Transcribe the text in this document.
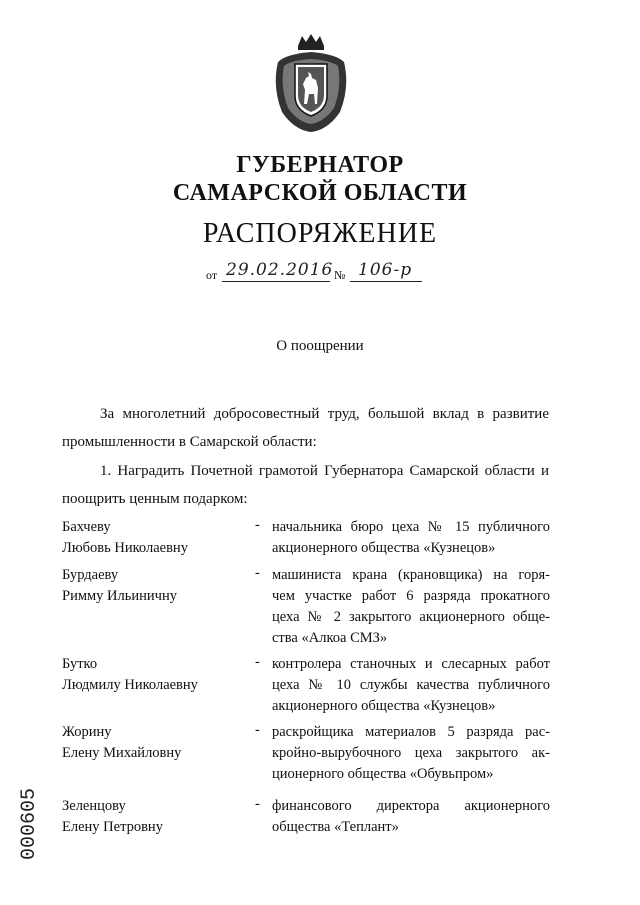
ГУБЕРНАТОР
САМАРСКОЙ ОБЛАСТИ
РАСПОРЯЖЕНИЕ
от 29.02.2016 № 106-р
О поощрении
За многолетний добросовестный труд, большой вклад в развитие
промышленности в Самарской области:
1. Наградить Почетной грамотой Губернатора Самарской области и
поощрить ценным подарком:
Бахчеву
Любовь Николаевну
- начальника бюро цеха № 15 публичного
акционерного общества «Кузнецов»
Бурдаеву
Римму Ильиничну
- машиниста крана (крановщика) на горя-
чем участке работ 6 разряда прокатного
цеха № 2 закрытого акционерного обще-
ства «Алкоа СМЗ»
Бутко
Людмилу Николаевну
- контролера станочных и слесарных работ
цеха № 10 службы качества публичного
акционерного общества «Кузнецов»
Жорину
Елену Михайловну
- раскройщика материалов 5 разряда рас-
кройно-вырубочного цеха закрытого ак-
ционерного общества «Обувьпром»
Зеленцову
Елену Петровну
- финансового директора акционерного
общества «Теплант»
000605
